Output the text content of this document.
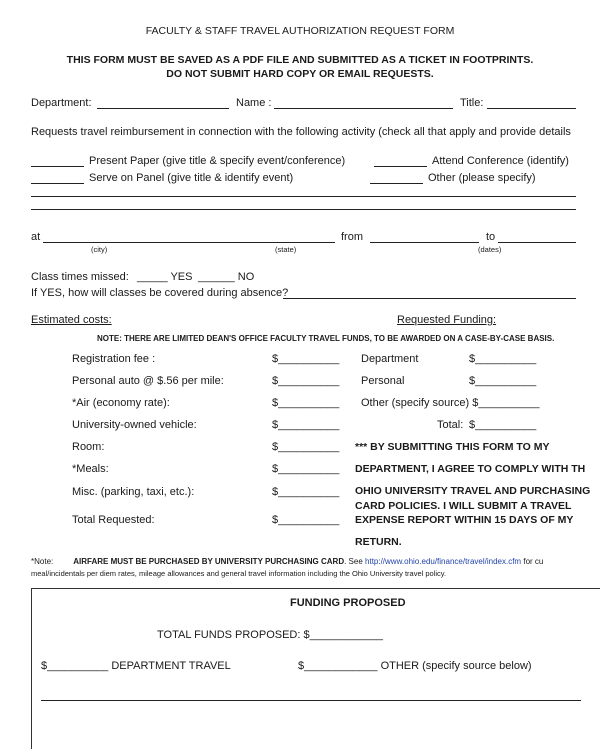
FACULTY & STAFF TRAVEL AUTHORIZATION REQUEST FORM
THIS FORM MUST BE SAVED AS A PDF FILE AND SUBMITTED AS A TICKET IN FOOTPRINTS.
DO NOT SUBMIT HARD COPY OR EMAIL REQUESTS.
Department:	Name :	Title:
Requests travel reimbursement in connection with the following activity (check all that apply and provide details
Present Paper (give title & specify event/conference)	Attend Conference (identify)
Serve on Panel (give title & identify event)	Other (please specify)
at
(city)	(state)
from	to
(dates)
Class times missed: _____ YES ______ NO
If YES, how will classes be covered during absence?
Estimated costs:	Requested Funding:
NOTE: THERE ARE LIMITED DEAN'S OFFICE FACULTY TRAVEL FUNDS, TO BE AWARDED ON A CASE-BY-CASE BASIS.
Registration fee :	$__________
Personal auto @ $.56 per mile:	$__________
*Air (economy rate):	$__________
University-owned vehicle:	$__________
Room:	$__________
*Meals:	$__________
Misc. (parking, taxi, etc.):	$__________
Total Requested:	$__________
Department	$__________
Personal	$__________
Other (specify source) $__________
Total: $__________
*** BY SUBMITTING THIS FORM TO MY
DEPARTMENT, I AGREE TO COMPLY WITH TH
OHIO UNIVERSITY TRAVEL AND PURCHASING
CARD POLICIES. I WILL SUBMIT A TRAVEL
EXPENSE REPORT WITHIN 15 DAYS OF MY
RETURN.
*Note:	AIRFARE MUST BE PURCHASED BY UNIVERSITY PURCHASING CARD. See http://www.ohio.edu/finance/travel/index.cfm for cu
meal/incidentals per diem rates, mileage allowances and general travel information including the Ohio University travel policy.
FUNDING PROPOSED
TOTAL FUNDS PROPOSED: $____________
$__________ DEPARTMENT TRAVEL	$____________ OTHER (specify source below)
